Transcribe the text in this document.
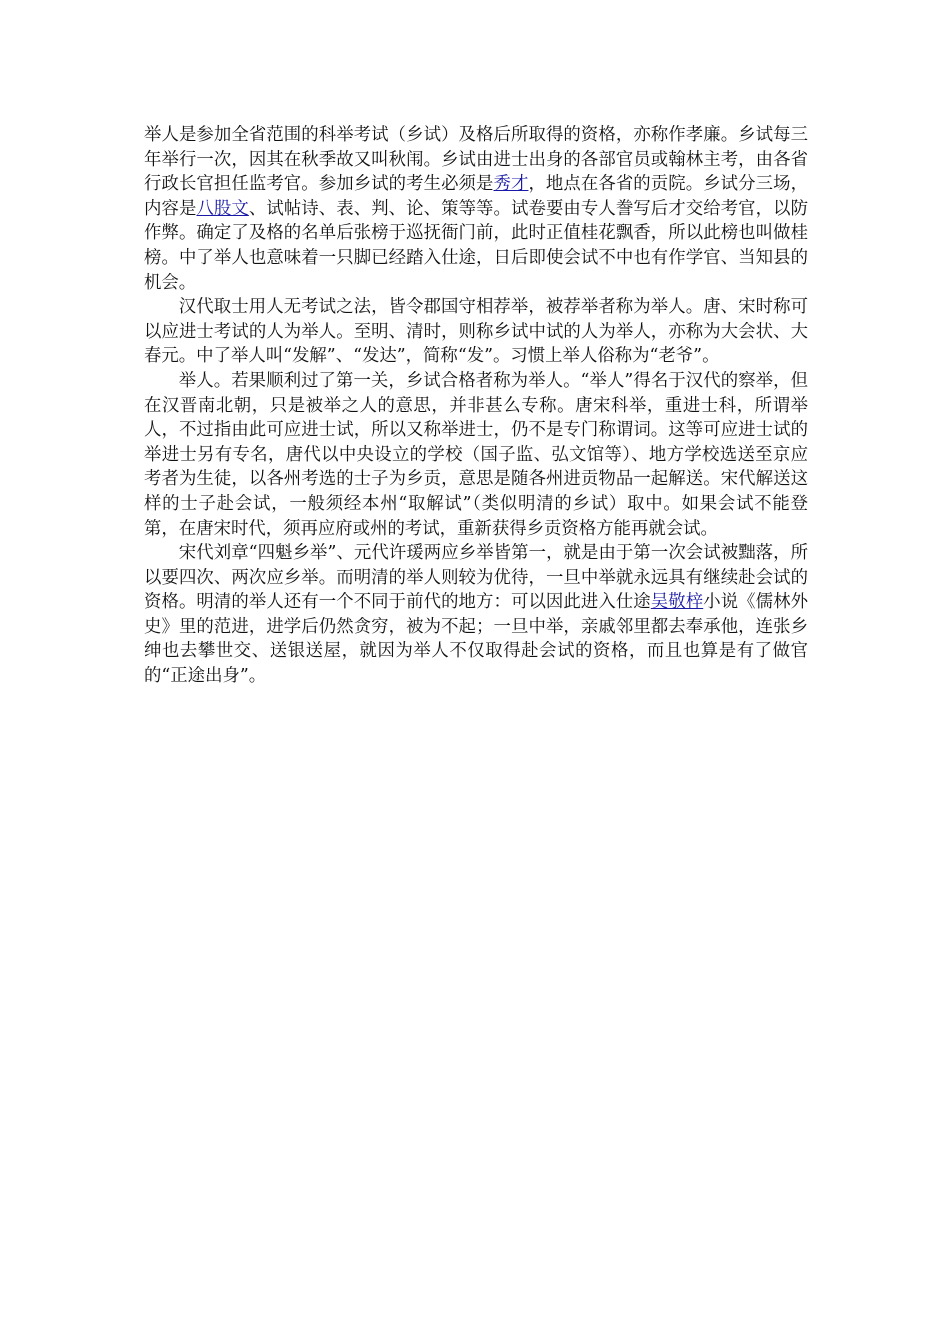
举人是参加全省范围的科举考试（乡试）及格后所取得的资格，亦称作孝廉。乡试每三年举行一次，因其在秋季故又叫秋闱。乡试由进士出身的各部官员或翰林主考，由各省行政长官担任监考官。参加乡试的考生必须是秀才，地点在各省的贡院。乡试分三场，内容是八股文、试帖诗、表、判、论、策等等。试卷要由专人誊写后才交给考官，以防作弊。确定了及格的名单后张榜于巡抚衙门前，此时正值桂花飘香，所以此榜也叫做桂榜。中了举人也意味着一只脚已经踏入仕途，日后即使会试不中也有作学官、当知县的机会。

汉代取士用人无考试之法，皆令郡国守相荐举，被荐举者称为举人。唐、宋时称可以应进士考试的人为举人。至明、清时，则称乡试中试的人为举人，亦称为大会状、大春元。中了举人叫“发解”、“发达”，简称“发”。习惯上举人俗称为“老爷”。

举人。若果顺利过了第一关，乡试合格者称为举人。“举人”得名于汉代的察举，但在汉晋南北朝，只是被举之人的意思，并非甚么专称。唐宋科举，重进士科，所谓举人，不过指由此可应进士试，所以又称举进士，仍不是专门称谓词。这等可应进士试的举进士另有专名，唐代以中央设立的学校（国子监、弘文馆等）、地方学校选送至京应考者为生徒，以各州考选的士子为乡贡，意思是随各州进贡物品一起解送。宋代解送这样的士子赴会试，一般须经本州“取解试”（类似明清的乡试）取中。如果会试不能登第，在唐宋时代，须再应府或州的考试，重新获得乡贡资格方能再就会试。

宋代刘章“四魁乡举”、元代许瑗两应乡举皆第一，就是由于第一次会试被黜落，所以要四次、两次应乡举。而明清的举人则较为优待，一旦中举就永远具有继续赴会试的资格。明清的举人还有一个不同于前代的地方：可以因此进入仕途吴敬梓小说《儒林外史》里的范进，进学后仍然贪穷，被为不起；一旦中举，亲戚邻里都去奉承他，连张乡绅也去攀世交、送银送屋，就因为举人不仅取得赴会试的资格，而且也算是有了做官的“正途出身”。
